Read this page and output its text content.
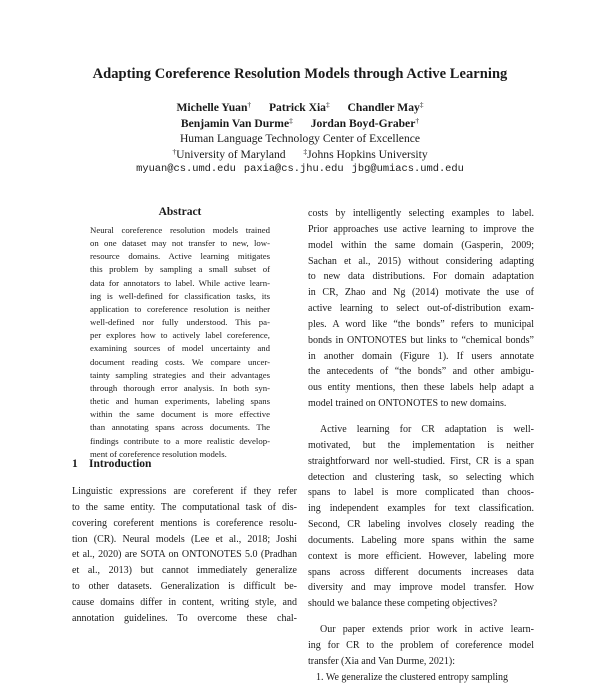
Adapting Coreference Resolution Models through Active Learning
Michelle Yuan† Patrick Xia‡ Chandler May‡
Benjamin Van Durme‡ Jordan Boyd-Graber†
Human Language Technology Center of Excellence
†University of Maryland ‡Johns Hopkins University
myuan@cs.umd.edu paxia@cs.jhu.edu jbg@umiacs.umd.edu
Abstract
Neural coreference resolution models trained
on one dataset may not transfer to new, low-
resource domains. Active learning mitigates
this problem by sampling a small subset of
data for annotators to label. While active learn-
ing is well-defined for classification tasks, its
application to coreference resolution is neither
well-defined nor fully understood. This pa-
per explores how to actively label coreference,
examining sources of model uncertainty and
document reading costs. We compare uncer-
tainty sampling strategies and their advantages
through thorough error analysis. In both syn-
thetic and human experiments, labeling spans
within the same document is more effective
than annotating spans across documents. The
findings contribute to a more realistic develop-
ment of coreference resolution models.
1 Introduction
Linguistic expressions are coreferent if they refer
to the same entity. The computational task of dis-
covering coreferent mentions is coreference resolu-
tion (CR). Neural models (Lee et al., 2018; Joshi
et al., 2020) are SOTA on ONTONOTES 5.0 (Pradhan
et al., 2013) but cannot immediately generalize
to other datasets. Generalization is difficult be-
cause domains differ in content, writing style, and
annotation guidelines. To overcome these chal-
costs by intelligently selecting examples to label.
Prior approaches use active learning to improve the
model within the same domain (Gasperin, 2009;
Sachan et al., 2015) without considering adapting
to new data distributions. For domain adaptation
in CR, Zhao and Ng (2014) motivate the use of
active learning to select out-of-distribution exam-
ples. A word like “the bonds” refers to municipal
bonds in ONTONOTES but links to “chemical bonds”
in another domain (Figure 1). If users annotate
the antecedents of “the bonds” and other ambigu-
ous entity mentions, then these labels help adapt a
model trained on ONTONOTES to new domains.
Active learning for CR adaptation is well-
motivated, but the implementation is neither
straightforward nor well-studied. First, CR is a span
detection and clustering task, so selecting which
spans to label is more complicated than choos-
ing independent examples for text classification.
Second, CR labeling involves closely reading the
documents. Labeling more spans within the same
context is more efficient. However, labeling more
spans across different documents increases data
diversity and may improve model transfer. How
should we balance these competing objectives?
Our paper extends prior work in active learn-
ing for CR to the problem of coreference model
transfer (Xia and Van Durme, 2021):
1. We generalize the clustered entropy sampling
